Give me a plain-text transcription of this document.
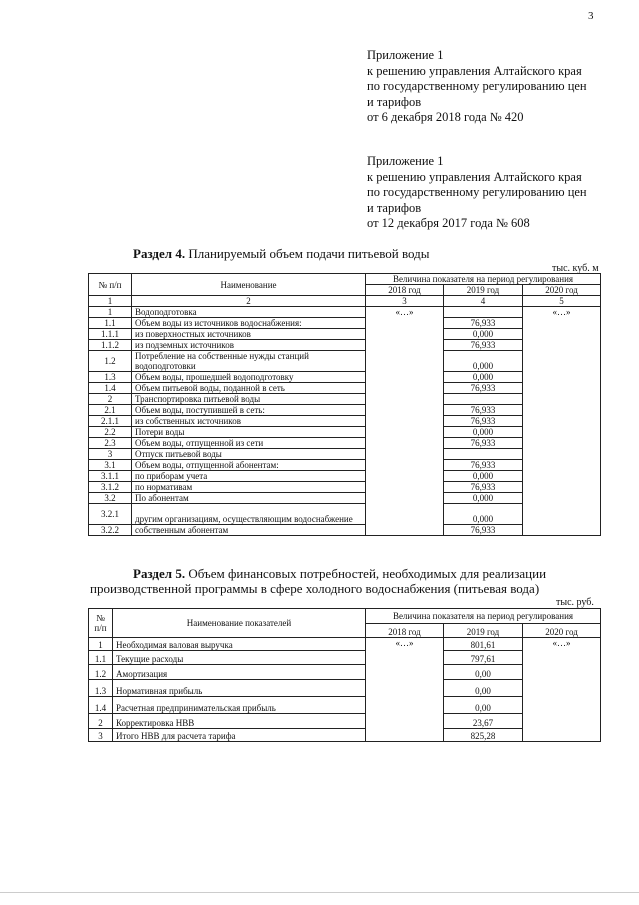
3
Приложение 1
к решению управления Алтайского края
по государственному регулированию цен
и тарифов
от 6 декабря 2018 года № 420
Приложение 1
к решению управления Алтайского края
по государственному регулированию цен
и тарифов
от 12 декабря 2017 года № 608
Раздел 4. Планируемый объем подачи питьевой воды
тыс. куб. м
№ п/п	Наименование	Величина показателя на период регулирования		
		2018 год	2019 год	2020 год
1	2	3	4	5
1	Водоподготовка	«…»		«…»
1.1	Объем воды из источников водоснабжения:		76,933	
1.1.1	из поверхностных источников		0,000	
1.1.2	из подземных источников		76,933	
1.2	Потребление на собственные нужды станций водоподготовки		0,000	
1.3	Объем воды, прошедшей водоподготовку		0,000	
1.4	Объем питьевой воды, поданной в сеть		76,933	
2	Транспортировка питьевой воды			
2.1	Объем воды, поступившей в сеть:		76,933	
2.1.1	из собственных источников		76,933	
2.2	Потери воды		0,000	
2.3	Объем воды, отпущенной из сети		76,933	
3	Отпуск питьевой воды			
3.1	Объем воды, отпущенной абонентам:		76,933	
3.1.1	по приборам учета		0,000	
3.1.2	по нормативам		76,933	
3.2	По абонентам		0,000	
3.2.1	другим организациям, осуществляющим водоснабжение		0,000	
3.2.2	собственным абонентам		76,933	
Раздел 5. Объем финансовых потребностей, необходимых для реализации
производственной программы в сфере холодного водоснабжения (питьевая вода)
тыс. руб.
№ п/п	Наименование показателей	Величина показателя на период регулирования		
		2018 год	2019 год	2020 год
1	Необходимая валовая выручка	«…»	801,61	«…»
1.1	Текущие расходы		797,61	
1.2	Амортизация		0,00	
1.3	Нормативная прибыль		0,00	
1.4	Расчетная предпринимательская прибыль		0,00	
2	Корректировка НВВ		23,67	
3	Итого НВВ для расчета тарифа		825,28	
